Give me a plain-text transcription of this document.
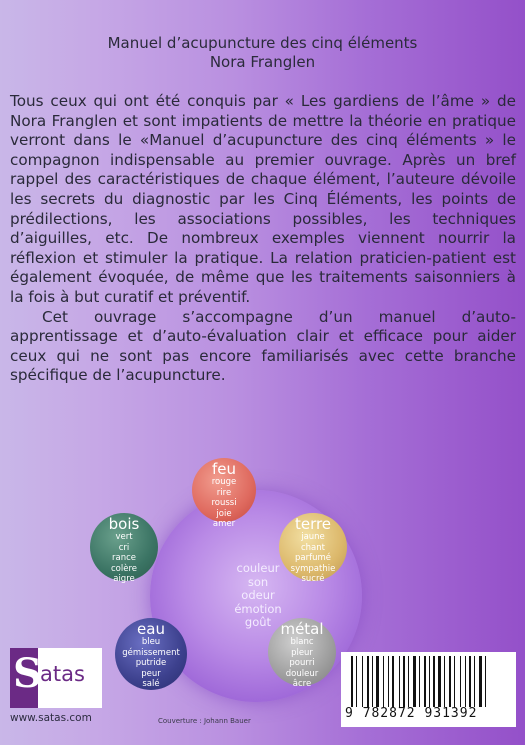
Manuel d’acupuncture des cinq éléments
Nora Franglen

Tous ceux qui ont été conquis par « Les gardiens de l’âme » de Nora Franglen et sont impatients de mettre la théorie en pratique verront dans le «Manuel d’acupuncture des cinq éléments » le compagnon indispensable au premier ouvrage. Après un bref rappel des caractéristiques de chaque élément, l’auteure dévoile les secrets du diagnostic par les Cinq Éléments, les points de prédilections, les associations possibles, les techniques d’aiguilles, etc. De nombreux exemples viennent nourrir la réflexion et stimuler la pratique. La relation praticien-patient est également évoquée, de même que les traitements saisonniers à la fois à but curatif et préventif.

Cet ouvrage s’accompagne d’un manuel d’auto-apprentissage et d’auto-évaluation clair et efficace pour aider ceux qui ne sont pas encore familiarisés avec cette branche spécifique de l’acupuncture.

couleur
son
odeur
émotion
goût
feu
rouge
rire
roussi
joie
amer	terre
jaune
chant
parfumé
sympathie
sucré
métal
blanc
pleur
pourri
douleur
âcre
eau
bleu
gémissement
putride
peur
salé
bois
vert
cri
rance
colère
aigre
S
atas
www.satas.com	Couverture : Johann Bauer	9 782872 931392
